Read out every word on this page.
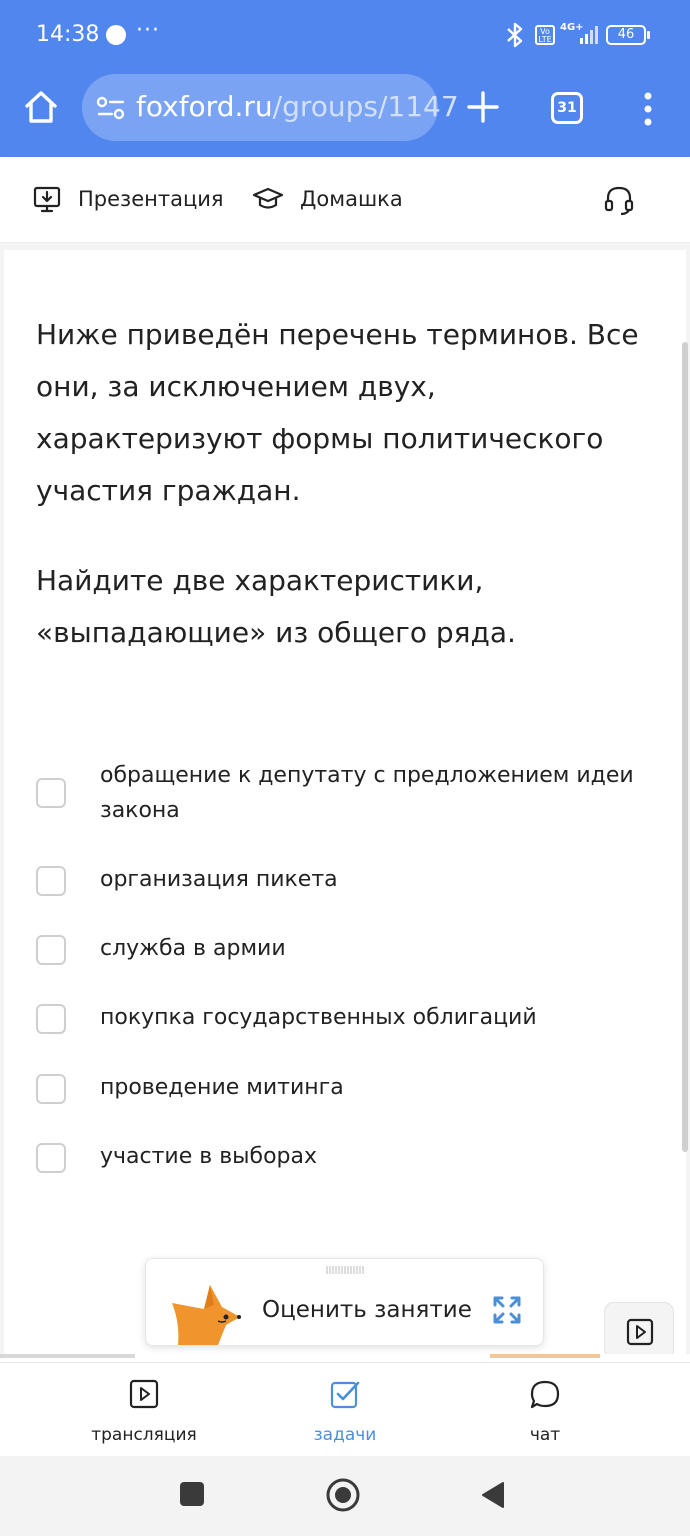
14:38 ···	Vo LTE
4G+	46
foxford.ru/groups/1147	31
Презентация	Домашка
Ниже приведён перечень терминов. Все они, за исключением двух, характеризуют формы политического участия граждан.
Найдите две характеристики, «выпадающие» из общего ряда.
обращение к депутату с предложением идеи закона
организация пикета
служба в армии
покупка государственных облигаций
проведение митинга
участие в выборах
Оценить занятие
трансляция	задачи	чат
